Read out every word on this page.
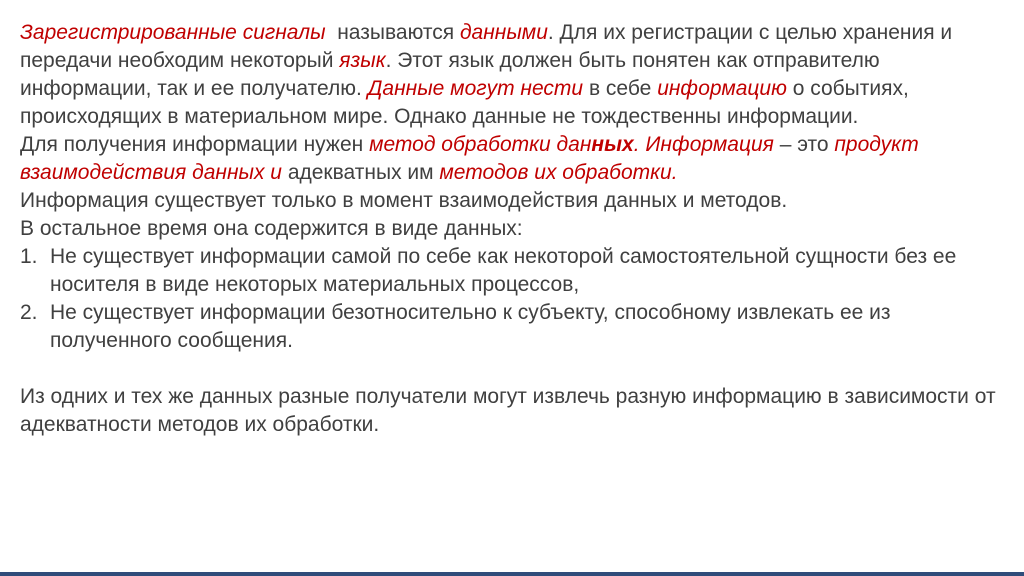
Зарегистрированные сигналы  называются данными. Для их регистрации с целью хранения и передачи необходим некоторый язык. Этот язык должен быть понятен как отправителю информации, так и ее получателю. Данные могут нести в себе информацию о событиях, происходящих в материальном мире. Однако данные не тождественны информации.

Для получения информации нужен метод обработки данных. Информация – это продукт взаимодействия данных и адекватных им методов их обработки.

Информация существует только в момент взаимодействия данных и методов.

В остальное время она содержится в виде данных:

1. Не существует информации самой по себе как некоторой самостоятельной сущности без ее носителя в виде некоторых материальных процессов,
2. Не существует информации безотносительно к субъекту, способному извлекать ее из полученного сообщения.

Из одних и тех же данных разные получатели могут извлечь разную информацию в зависимости от адекватности методов их обработки.
